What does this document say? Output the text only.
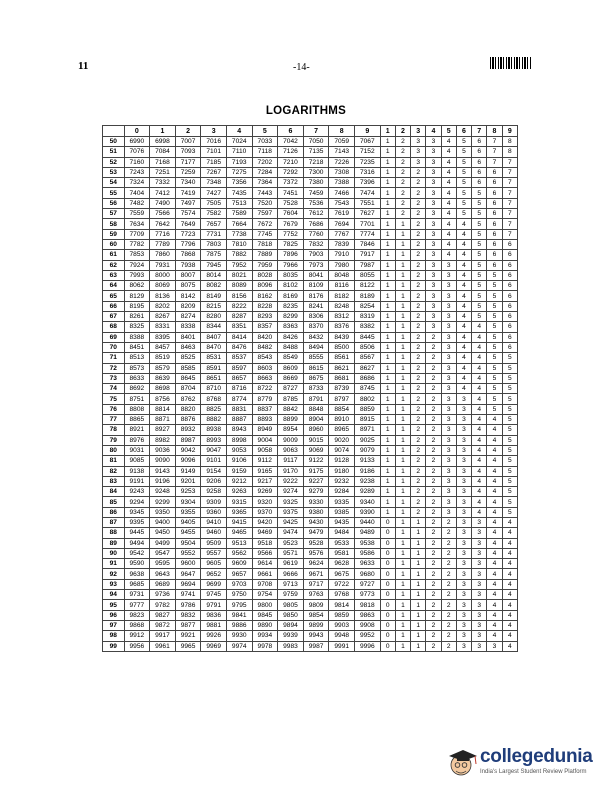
11	-14-
LOGARITHMS
	0	1	2	3	4	5	6	7	8	9	1	2	3	4	5	6	7	8	9
50	6990	6998	7007	7016	7024	7033	7042	7050	7059	7067	1	2	3	3	4	5	6	7	8
51	7076	7084	7093	7101	7110	7118	7126	7135	7143	7152	1	2	3	3	4	5	6	7	8
52	7160	7168	7177	7185	7193	7202	7210	7218	7226	7235	1	2	3	3	4	5	6	7	7
53	7243	7251	7259	7267	7275	7284	7292	7300	7308	7316	1	2	2	3	4	5	6	6	7
54	7324	7332	7340	7348	7356	7364	7372	7380	7388	7396	1	2	2	3	4	5	6	6	7
55	7404	7412	7419	7427	7435	7443	7451	7459	7466	7474	1	2	2	3	4	5	5	6	7
56	7482	7490	7497	7505	7513	7520	7528	7536	7543	7551	1	2	2	3	4	5	5	6	7
57	7559	7566	7574	7582	7589	7597	7604	7612	7619	7627	1	2	2	3	4	5	5	6	7
58	7634	7642	7649	7657	7664	7672	7679	7686	7694	7701	1	1	2	3	4	4	5	6	7
59	7709	7716	7723	7731	7738	7745	7752	7760	7767	7774	1	1	2	3	4	4	5	6	7
60	7782	7789	7796	7803	7810	7818	7825	7832	7839	7846	1	1	2	3	4	4	5	6	6
61	7853	7860	7868	7875	7882	7889	7896	7903	7910	7917	1	1	2	3	4	4	5	6	6
62	7924	7931	7938	7945	7952	7959	7966	7973	7980	7987	1	1	2	3	3	4	5	6	6
63	7993	8000	8007	8014	8021	8028	8035	8041	8048	8055	1	1	2	3	3	4	5	5	6
64	8062	8069	8075	8082	8089	8096	8102	8109	8116	8122	1	1	2	3	3	4	5	5	6
65	8129	8136	8142	8149	8156	8162	8169	8176	8182	8189	1	1	2	3	3	4	5	5	6
66	8195	8202	8209	8215	8222	8228	8235	8241	8248	8254	1	1	2	3	3	4	5	5	6
67	8261	8267	8274	8280	8287	8293	8299	8306	8312	8319	1	1	2	3	3	4	5	5	6
68	8325	8331	8338	8344	8351	8357	8363	8370	8376	8382	1	1	2	3	3	4	4	5	6
69	8388	8395	8401	8407	8414	8420	8426	8432	8439	8445	1	1	2	2	3	4	4	5	6
70	8451	8457	8463	8470	8476	8482	8488	8494	8500	8506	1	1	2	2	3	4	4	5	6
71	8513	8519	8525	8531	8537	8543	8549	8555	8561	8567	1	1	2	2	3	4	4	5	5
72	8573	8579	8585	8591	8597	8603	8609	8615	8621	8627	1	1	2	2	3	4	4	5	5
73	8633	8639	8645	8651	8657	8663	8669	8675	8681	8686	1	1	2	2	3	4	4	5	5
74	8692	8698	8704	8710	8716	8722	8727	8733	8739	8745	1	1	2	2	3	4	4	5	5
75	8751	8756	8762	8768	8774	8779	8785	8791	8797	8802	1	1	2	2	3	3	4	5	5
76	8808	8814	8820	8825	8831	8837	8842	8848	8854	8859	1	1	2	2	3	3	4	5	5
77	8865	8871	8876	8882	8887	8893	8899	8904	8910	8915	1	1	2	2	3	3	4	4	5
78	8921	8927	8932	8938	8943	8949	8954	8960	8965	8971	1	1	2	2	3	3	4	4	5
79	8976	8982	8987	8993	8998	9004	9009	9015	9020	9025	1	1	2	2	3	3	4	4	5
80	9031	9036	9042	9047	9053	9058	9063	9069	9074	9079	1	1	2	2	3	3	4	4	5
81	9085	9090	9096	9101	9106	9112	9117	9122	9128	9133	1	1	2	2	3	3	4	4	5
82	9138	9143	9149	9154	9159	9165	9170	9175	9180	9186	1	1	2	2	3	3	4	4	5
83	9191	9196	9201	9206	9212	9217	9222	9227	9232	9238	1	1	2	2	3	3	4	4	5
84	9243	9248	9253	9258	9263	9269	9274	9279	9284	9289	1	1	2	2	3	3	4	4	5
85	9294	9299	9304	9309	9315	9320	9325	9330	9335	9340	1	1	2	2	3	3	4	4	5
86	9345	9350	9355	9360	9365	9370	9375	9380	9385	9390	1	1	2	2	3	3	4	4	5
87	9395	9400	9405	9410	9415	9420	9425	9430	9435	9440	0	1	1	2	2	3	3	4	4
88	9445	9450	9455	9460	9465	9469	9474	9479	9484	9489	0	1	1	2	2	3	3	4	4
89	9494	9499	9504	9509	9513	9518	9523	9528	9533	9538	0	1	1	2	2	3	3	4	4
90	9542	9547	9552	9557	9562	9566	9571	9576	9581	9586	0	1	1	2	2	3	3	4	4
91	9590	9595	9600	9605	9609	9614	9619	9624	9628	9633	0	1	1	2	2	3	3	4	4
92	9638	9643	9647	9652	9657	9661	9666	9671	9675	9680	0	1	1	2	2	3	3	4	4
93	9685	9689	9694	9699	9703	9708	9713	9717	9722	9727	0	1	1	2	2	3	3	4	4
94	9731	9736	9741	9745	9750	9754	9759	9763	9768	9773	0	1	1	2	2	3	3	4	4
95	9777	9782	9786	9791	9795	9800	9805	9809	9814	9818	0	1	1	2	2	3	3	4	4
96	9823	9827	9832	9836	9841	9845	9850	9854	9859	9863	0	1	1	2	2	3	3	4	4
97	9868	9872	9877	9881	9886	9890	9894	9899	9903	9908	0	1	1	2	2	3	3	4	4
98	9912	9917	9921	9926	9930	9934	9939	9943	9948	9952	0	1	1	2	2	3	3	4	4
99	9956	9961	9965	9969	9974	9978	9983	9987	9991	9996	0	1	1	2	2	3	3	3	4
collegedunia
India's Largest Student Review Platform
